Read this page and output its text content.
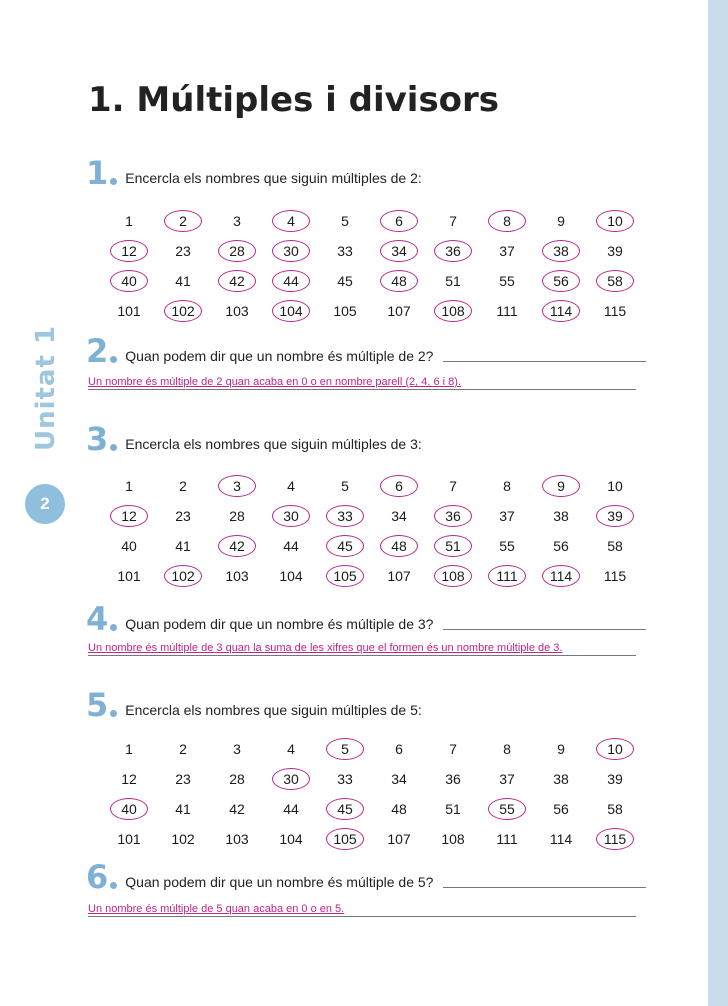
Unitat 1
2
1. Múltiples i divisors
1 Encercla els nombres que siguin múltiples de 2:
1	2	3	4	5	6	7	8	9	10
12	23	28	30	33	34	36	37	38	39
40	41	42	44	45	48	51	55	56	58
101	102	103	104	105	107	108	111	114	115
2 Quan podem dir que un nombre és múltiple de 2?
Un nombre és múltiple de 2 quan acaba en 0 o en nombre parell (2, 4, 6 i 8).
3 Encercla els nombres que siguin múltiples de 3:
1	2	3	4	5	6	7	8	9	10
12	23	28	30	33	34	36	37	38	39
40	41	42	44	45	48	51	55	56	58
101	102	103	104	105	107	108	111	114	115
4 Quan podem dir que un nombre és múltiple de 3?
Un nombre és múltiple de 3 quan la suma de les xifres que el formen és un nombre múltiple de 3.
5 Encercla els nombres que siguin múltiples de 5:
1	2	3	4	5	6	7	8	9	10
12	23	28	30	33	34	36	37	38	39
40	41	42	44	45	48	51	55	56	58
101	102	103	104	105	107	108	111	114	115
6 Quan podem dir que un nombre és múltiple de 5?
Un nombre és múltiple de 5 quan acaba en 0 o en 5.
